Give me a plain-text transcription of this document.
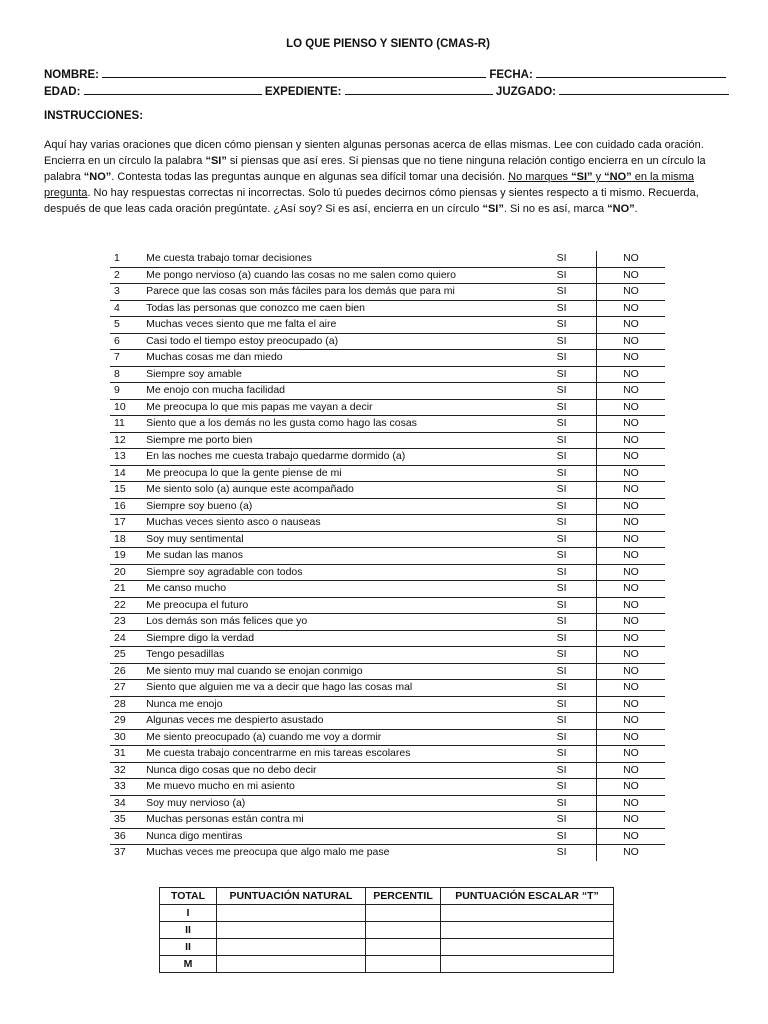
LO QUE PIENSO Y SIENTO (CMAS-R)
NOMBRE:	FECHA:
EDAD:	EXPEDIENTE:	JUZGADO:
INSTRUCCIONES:
Aquí hay varias oraciones que dicen cómo piensan y sienten algunas personas acerca de ellas mismas. Lee con cuidado cada oración. Encierra en un círculo la palabra “SI” si piensas que así eres. Si piensas que no tiene ninguna relación contigo encierra en un círculo la palabra “NO”. Contesta todas las preguntas aunque en algunas sea difícil tomar una decisión. No marques “SI” y “NO” en la misma pregunta. No hay respuestas correctas ni incorrectas. Solo tú puedes decirnos cómo piensas y sientes respecto a ti mismo. Recuerda, después de que leas cada oración pregúntate. ¿Así soy? Si es así, encierra en un círculo “SI”. Si no es así, marca “NO”.
1	Me cuesta trabajo tomar decisiones	SI	NO
2	Me pongo nervioso (a) cuando las cosas no me salen como quiero	SI	NO
3	Parece que las cosas son más fáciles para los demás que para mi	SI	NO
4	Todas las personas que conozco me caen bien	SI	NO
5	Muchas veces siento que me falta el aire	SI	NO
6	Casi todo el tiempo estoy preocupado (a)	SI	NO
7	Muchas cosas me dan miedo	SI	NO
8	Siempre soy amable	SI	NO
9	Me enojo con mucha facilidad	SI	NO
10	Me preocupa lo que mis papas me vayan a decir	SI	NO
11	Siento que a los demás no les gusta como hago las cosas	SI	NO
12	Siempre me porto bien	SI	NO
13	En las noches me cuesta trabajo quedarme dormido (a)	SI	NO
14	Me preocupa lo que la gente piense de mi	SI	NO
15	Me siento solo (a) aunque este acompañado	SI	NO
16	Siempre soy bueno (a)	SI	NO
17	Muchas veces siento asco o nauseas	SI	NO
18	Soy muy sentimental	SI	NO
19	Me sudan las manos	SI	NO
20	Siempre soy agradable con todos	SI	NO
21	Me canso mucho	SI	NO
22	Me preocupa el futuro	SI	NO
23	Los demás son más felices que yo	SI	NO
24	Siempre digo la verdad	SI	NO
25	Tengo pesadillas	SI	NO
26	Me siento muy mal cuando se enojan conmigo	SI	NO
27	Siento que alguien me va a decir que hago las cosas mal	SI	NO
28	Nunca me enojo	SI	NO
29	Algunas veces me despierto asustado	SI	NO
30	Me siento preocupado (a) cuando me voy a dormir	SI	NO
31	Me cuesta trabajo concentrarme en mis tareas escolares	SI	NO
32	Nunca digo cosas que no debo decir	SI	NO
33	Me muevo mucho en mi asiento	SI	NO
34	Soy muy nervioso (a)	SI	NO
35	Muchas personas están contra mi	SI	NO
36	Nunca digo mentiras	SI	NO
37	Muchas veces me preocupa que algo malo me pase	SI	NO
TOTAL	PUNTUACIÓN NATURAL	PERCENTIL	PUNTUACIÓN ESCALAR “T”
I			
II			
II			
M			
